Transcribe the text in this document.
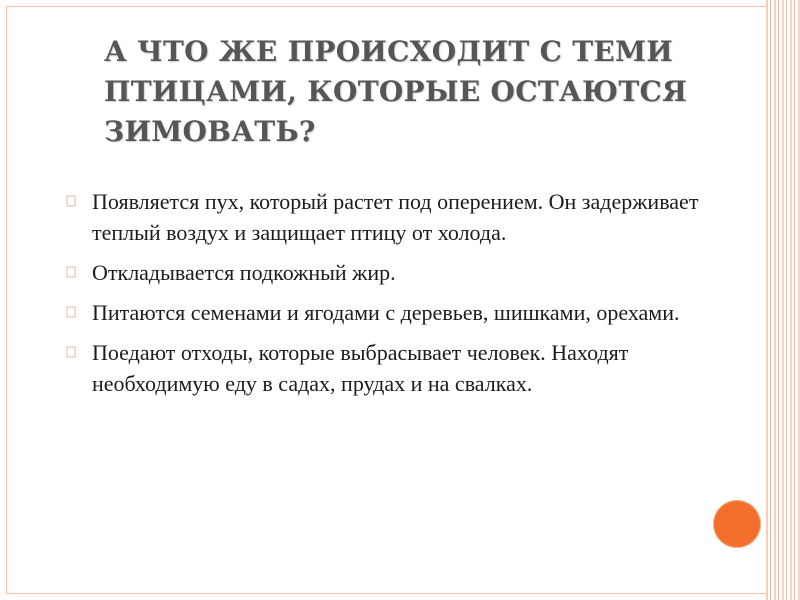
А ЧТО ЖЕ ПРОИСХОДИТ С ТЕМИ ПТИЦАМИ, КОТОРЫЕ ОСТАЮТСЯ ЗИМОВАТЬ?
Появляется пух, который растет под оперением. Он задерживает теплый воздух и защищает птицу от холода.
Откладывается подкожный жир.
Питаются семенами и ягодами с деревьев, шишками, орехами.
Поедают отходы, которые выбрасывает человек. Находят необходимую еду в садах, прудах и на свалках.
